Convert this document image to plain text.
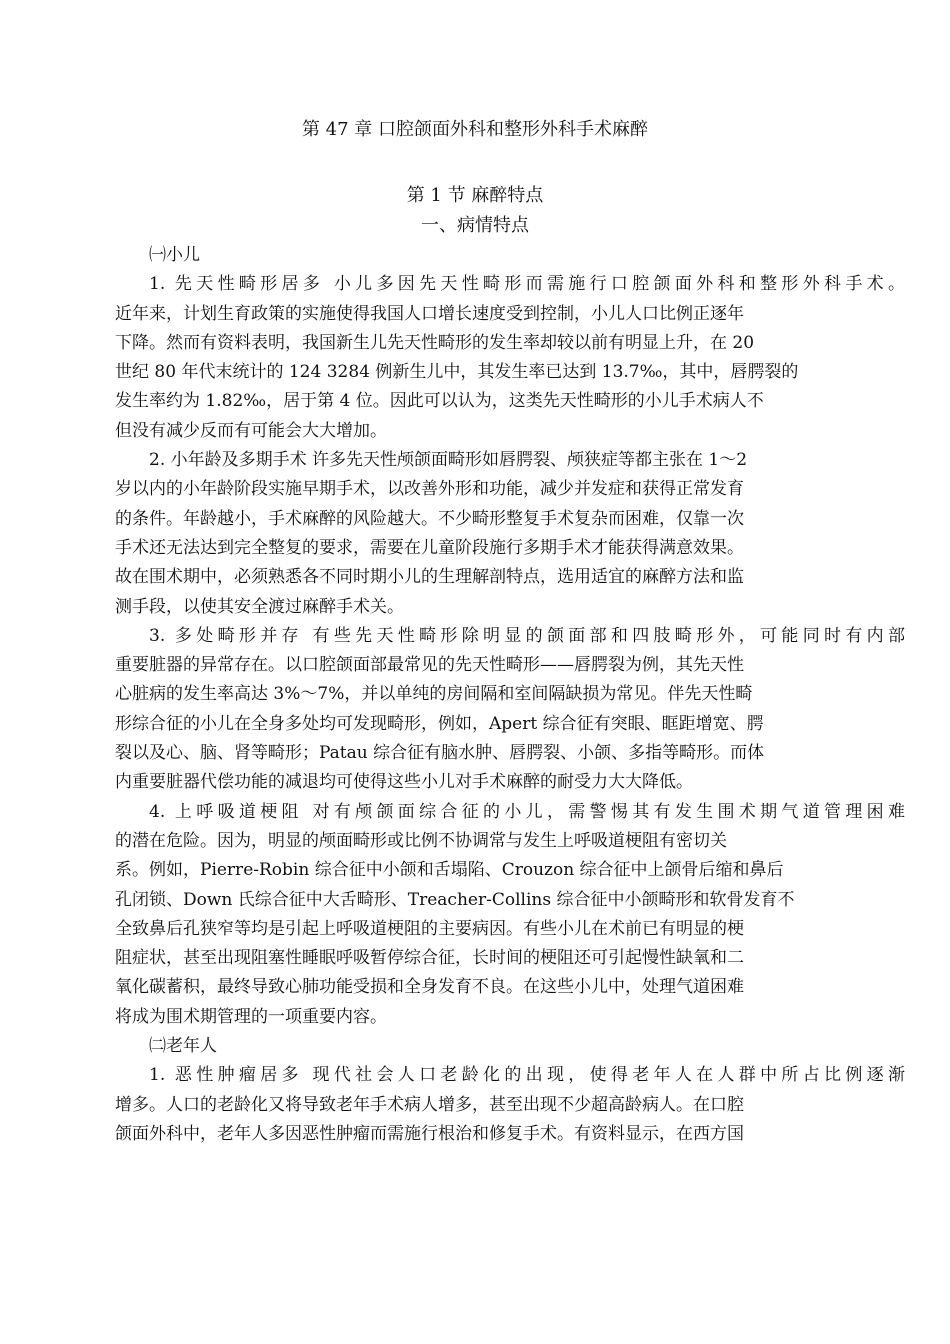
第 47 章 口腔颌面外科和整形外科手术麻醉
第 1 节 麻醉特点
一、病情特点
㈠小儿
1. 先天性畸形居多 小儿多因先天性畸形而需施行口腔颌面外科和整形外科手术。
近年来，计划生育政策的实施使得我国人口增长速度受到控制，小儿人口比例正逐年
下降。然而有资料表明，我国新生儿先天性畸形的发生率却较以前有明显上升，在 20
世纪 80 年代末统计的 124 3284 例新生儿中，其发生率已达到 13.7‰，其中，唇腭裂的
发生率约为 1.82‰，居于第 4 位。因此可以认为，这类先天性畸形的小儿手术病人不
但没有减少反而有可能会大大增加。
2. 小年龄及多期手术 许多先天性颅颌面畸形如唇腭裂、颅狭症等都主张在 1～2
岁以内的小年龄阶段实施早期手术，以改善外形和功能，减少并发症和获得正常发育
的条件。年龄越小，手术麻醉的风险越大。不少畸形整复手术复杂而困难，仅靠一次
手术还无法达到完全整复的要求，需要在儿童阶段施行多期手术才能获得满意效果。
故在围术期中，必须熟悉各不同时期小儿的生理解剖特点，选用适宜的麻醉方法和监
测手段，以使其安全渡过麻醉手术关。
3. 多处畸形并存 有些先天性畸形除明显的颌面部和四肢畸形外，可能同时有内部
重要脏器的异常存在。以口腔颌面部最常见的先天性畸形——唇腭裂为例，其先天性
心脏病的发生率高达 3%～7%，并以单纯的房间隔和室间隔缺损为常见。伴先天性畸
形综合征的小儿在全身多处均可发现畸形，例如，Apert 综合征有突眼、眶距增宽、腭
裂以及心、脑、肾等畸形；Patau 综合征有脑水肿、唇腭裂、小颌、多指等畸形。而体
内重要脏器代偿功能的减退均可使得这些小儿对手术麻醉的耐受力大大降低。
4. 上呼吸道梗阻 对有颅颌面综合征的小儿，需警惕其有发生围术期气道管理困难
的潜在危险。因为，明显的颅面畸形或比例不协调常与发生上呼吸道梗阻有密切关
系。例如，Pierre-Robin 综合征中小颌和舌塌陷、Crouzon 综合征中上颌骨后缩和鼻后
孔闭锁、Down 氏综合征中大舌畸形、Treacher-Collins 综合征中小颌畸形和软骨发育不
全致鼻后孔狭窄等均是引起上呼吸道梗阻的主要病因。有些小儿在术前已有明显的梗
阻症状，甚至出现阻塞性睡眠呼吸暂停综合征，长时间的梗阻还可引起慢性缺氧和二
氧化碳蓄积，最终导致心肺功能受损和全身发育不良。在这些小儿中，处理气道困难
将成为围术期管理的一项重要内容。
㈡老年人
1. 恶性肿瘤居多 现代社会人口老龄化的出现，使得老年人在人群中所占比例逐渐
增多。人口的老龄化又将导致老年手术病人增多，甚至出现不少超高龄病人。在口腔
颌面外科中，老年人多因恶性肿瘤而需施行根治和修复手术。有资料显示，在西方国
